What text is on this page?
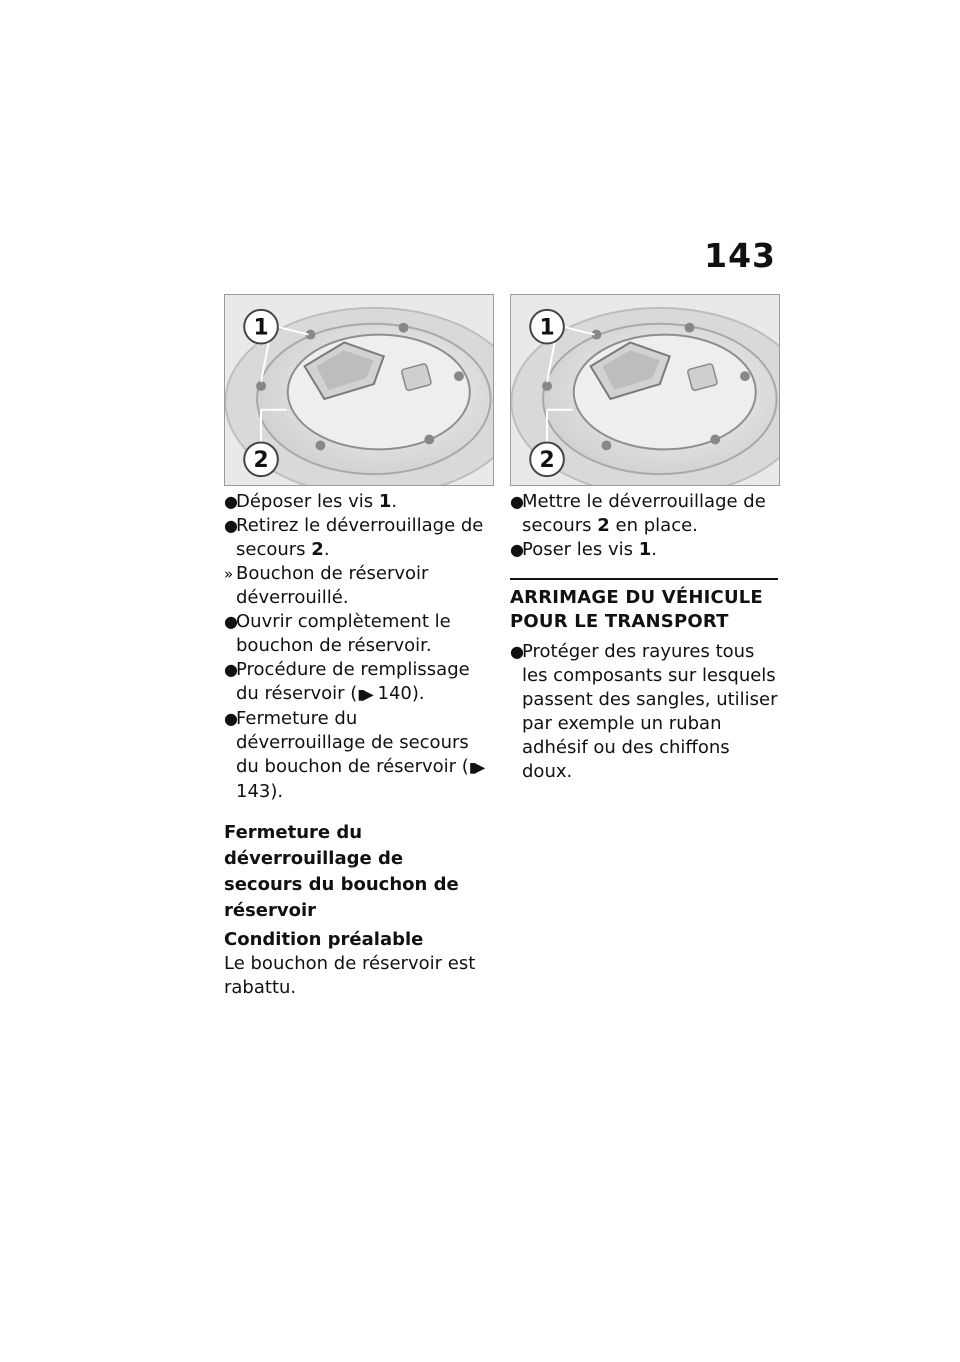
143
1
2
1
2
●
Déposer les vis 1.
●
Retirez le déverrouillage de secours 2.
» Bouchon de réservoir déverrouillé.
●
Ouvrir complètement le bouchon de réservoir.
●
Procédure de remplissage du réservoir (▮▶ 140).
●
Fermeture du déverrouillage de secours du bouchon de réservoir (▮▶ 143).
Fermeture du déverrouillage de secours du bouchon de réservoir
Condition préalable

Le bouchon de réservoir est rabattu.

●
Mettre le déverrouillage de secours 2 en place.
●
Poser les vis 1.
ARRIMAGE DU VÉHICULE POUR LE TRANSPORT
●
Protéger des rayures tous les composants sur lesquels passent des sangles, utiliser par exemple un ruban adhésif ou des chiffons doux.
